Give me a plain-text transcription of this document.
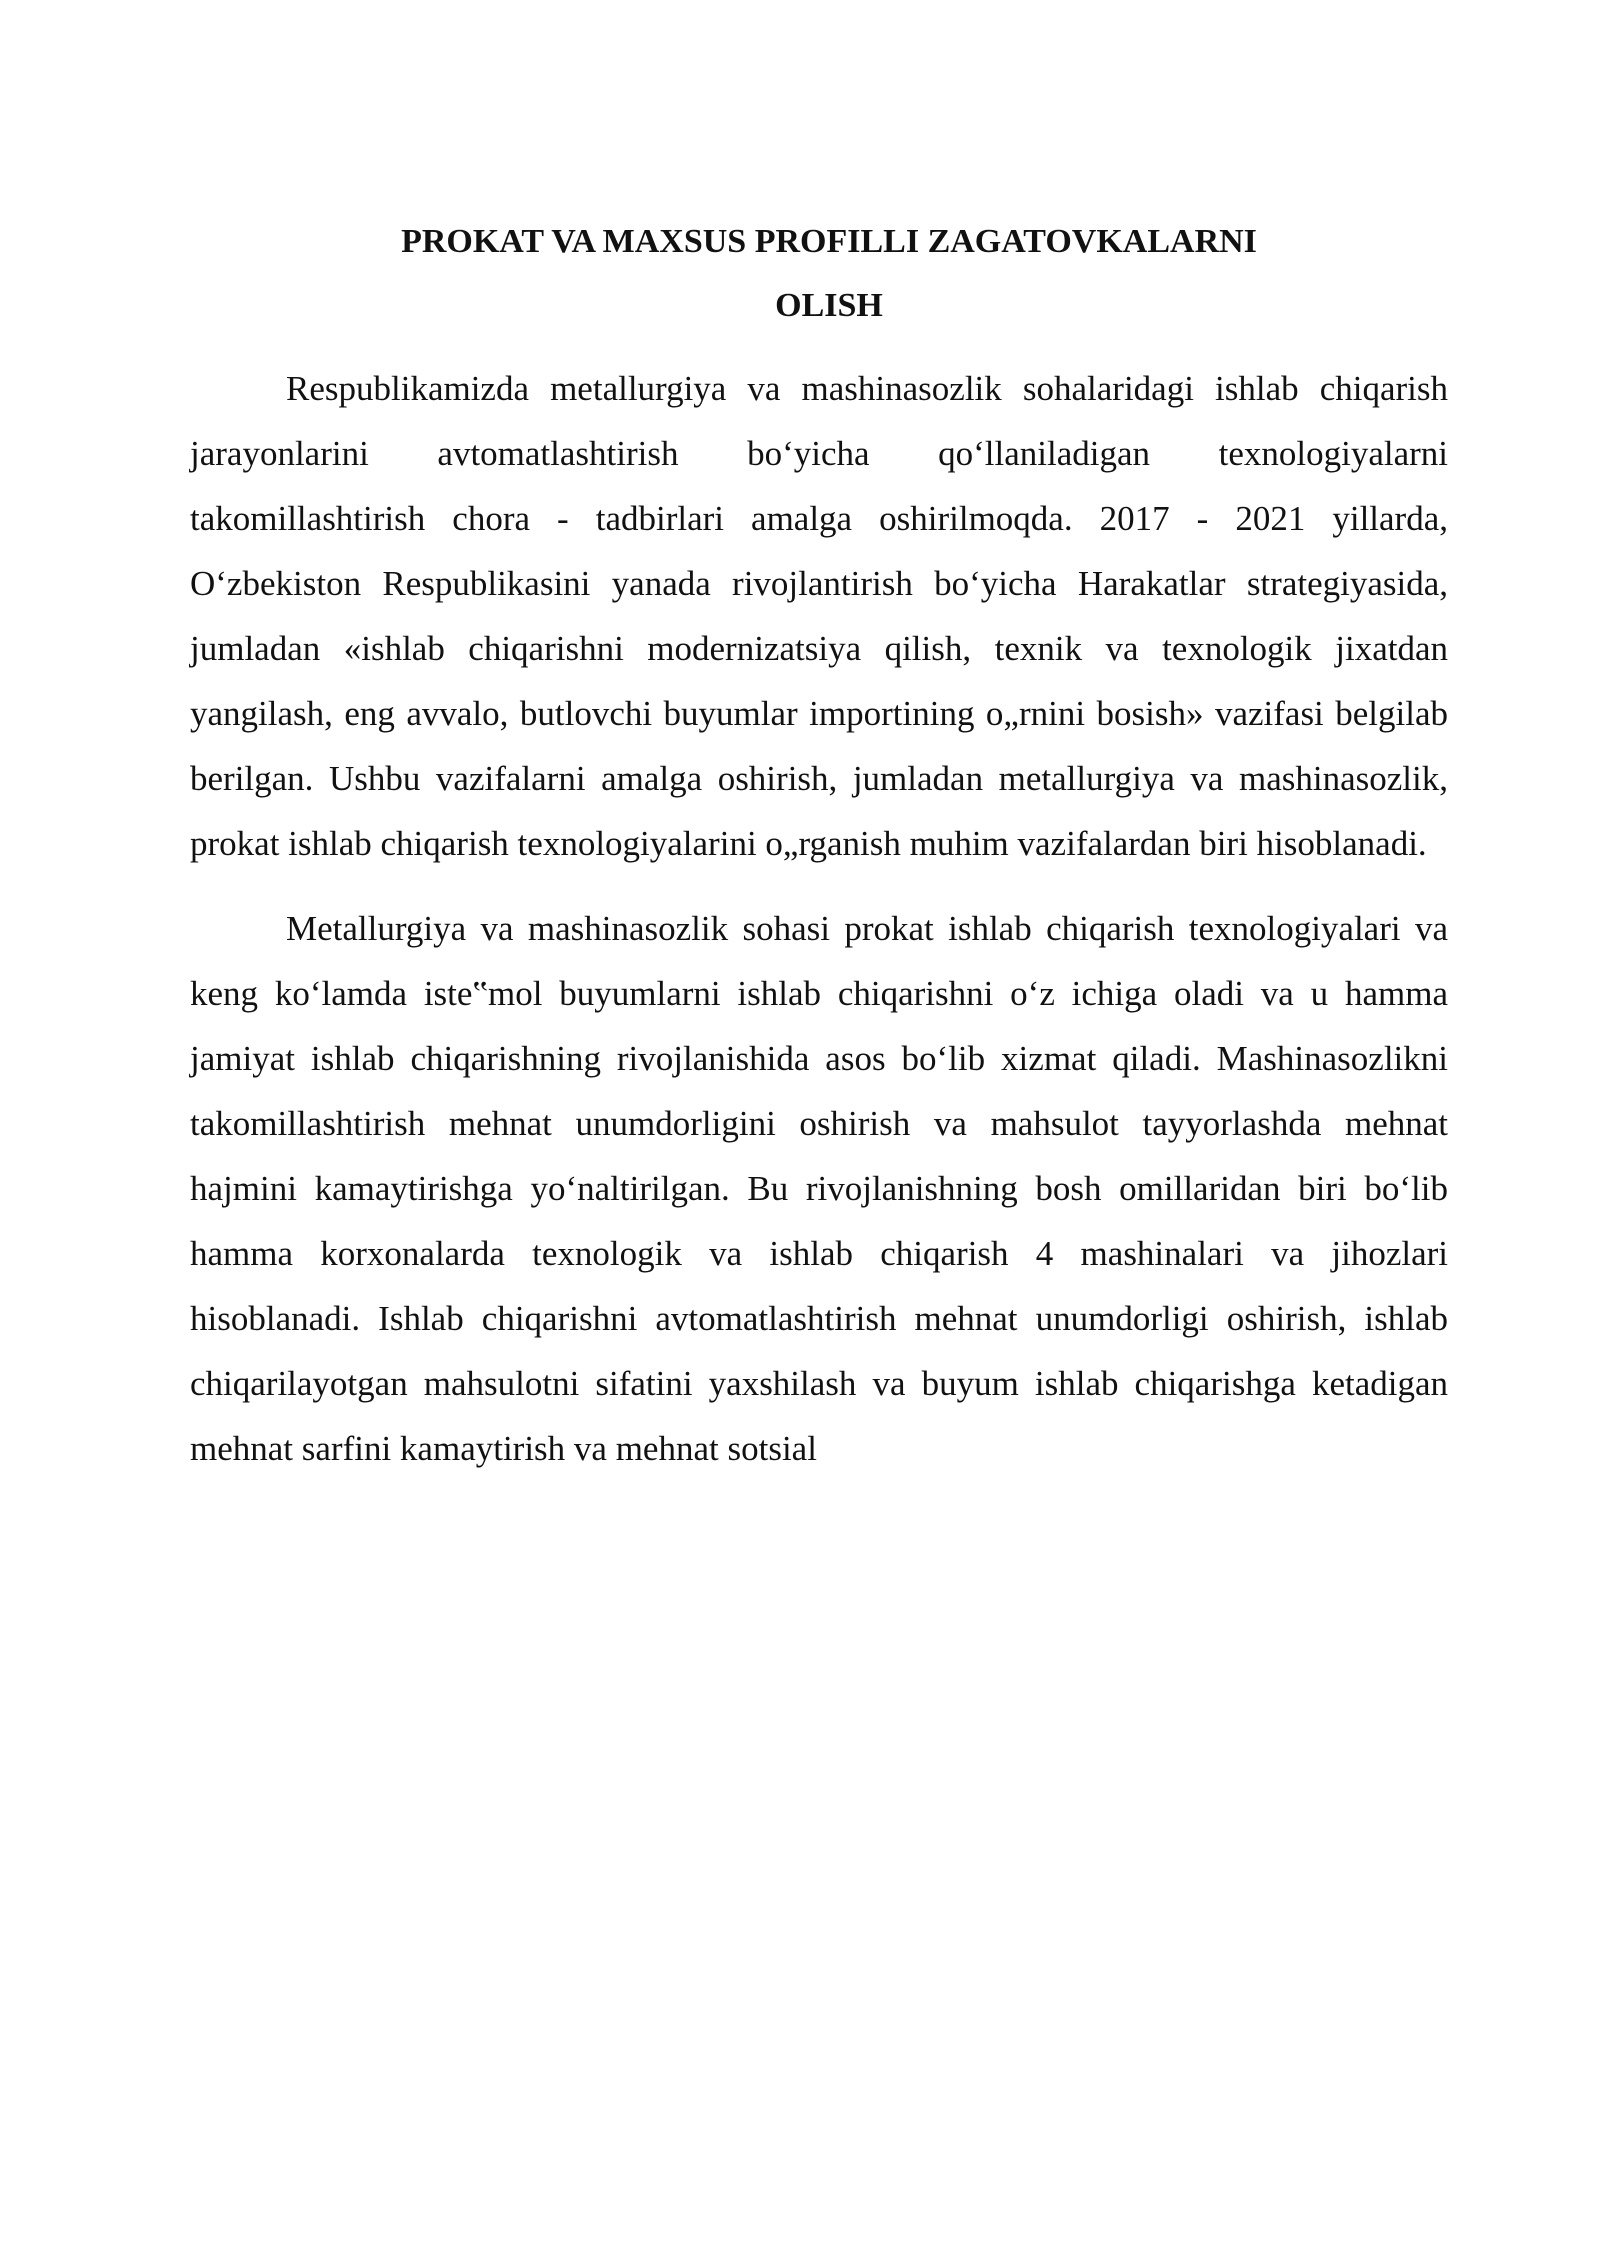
PROKAT VA MAXSUS PROFILLI ZAGATOVKALARNI
OLISH

Respublikamizda metallurgiya va mashinasozlik sohalaridagi ishlab chiqarish jarayonlarini avtomatlashtirish bo‘yicha qo‘llaniladigan texnologiyalarni takomillashtirish chora - tadbirlari amalga oshirilmoqda. 2017 - 2021 yillarda, O‘zbekiston Respublikasini yanada rivojlantirish bo‘yicha Harakatlar strategiyasida, jumladan «ishlab chiqarishni modernizatsiya qilish, texnik va texnologik jixatdan yangilash, eng avvalo, butlovchi buyumlar importining o„rnini bosish» vazifasi belgilab berilgan. Ushbu vazifalarni amalga oshirish, jumladan metallurgiya va mashinasozlik, prokat ishlab chiqarish texnologiyalarini o„rganish muhim vazifalardan biri hisoblanadi.

Metallurgiya va mashinasozlik sohasi prokat ishlab chiqarish texnologiyalari va keng ko‘lamda iste‟mol buyumlarni ishlab chiqarishni o‘z ichiga oladi va u hamma jamiyat ishlab chiqarishning rivojlanishida asos bo‘lib xizmat qiladi. Mashinasozlikni takomillashtirish mehnat unumdorligini oshirish va mahsulot tayyorlashda mehnat hajmini kamaytirishga yo‘naltirilgan. Bu rivojlanishning bosh omillaridan biri bo‘lib hamma korxonalarda texnologik va ishlab chiqarish 4 mashinalari va jihozlari hisoblanadi. Ishlab chiqarishni avtomatlashtirish mehnat unumdorligi oshirish, ishlab chiqarilayotgan mahsulotni sifatini yaxshilash va buyum ishlab chiqarishga ketadigan mehnat sarfini kamaytirish va mehnat sotsial
